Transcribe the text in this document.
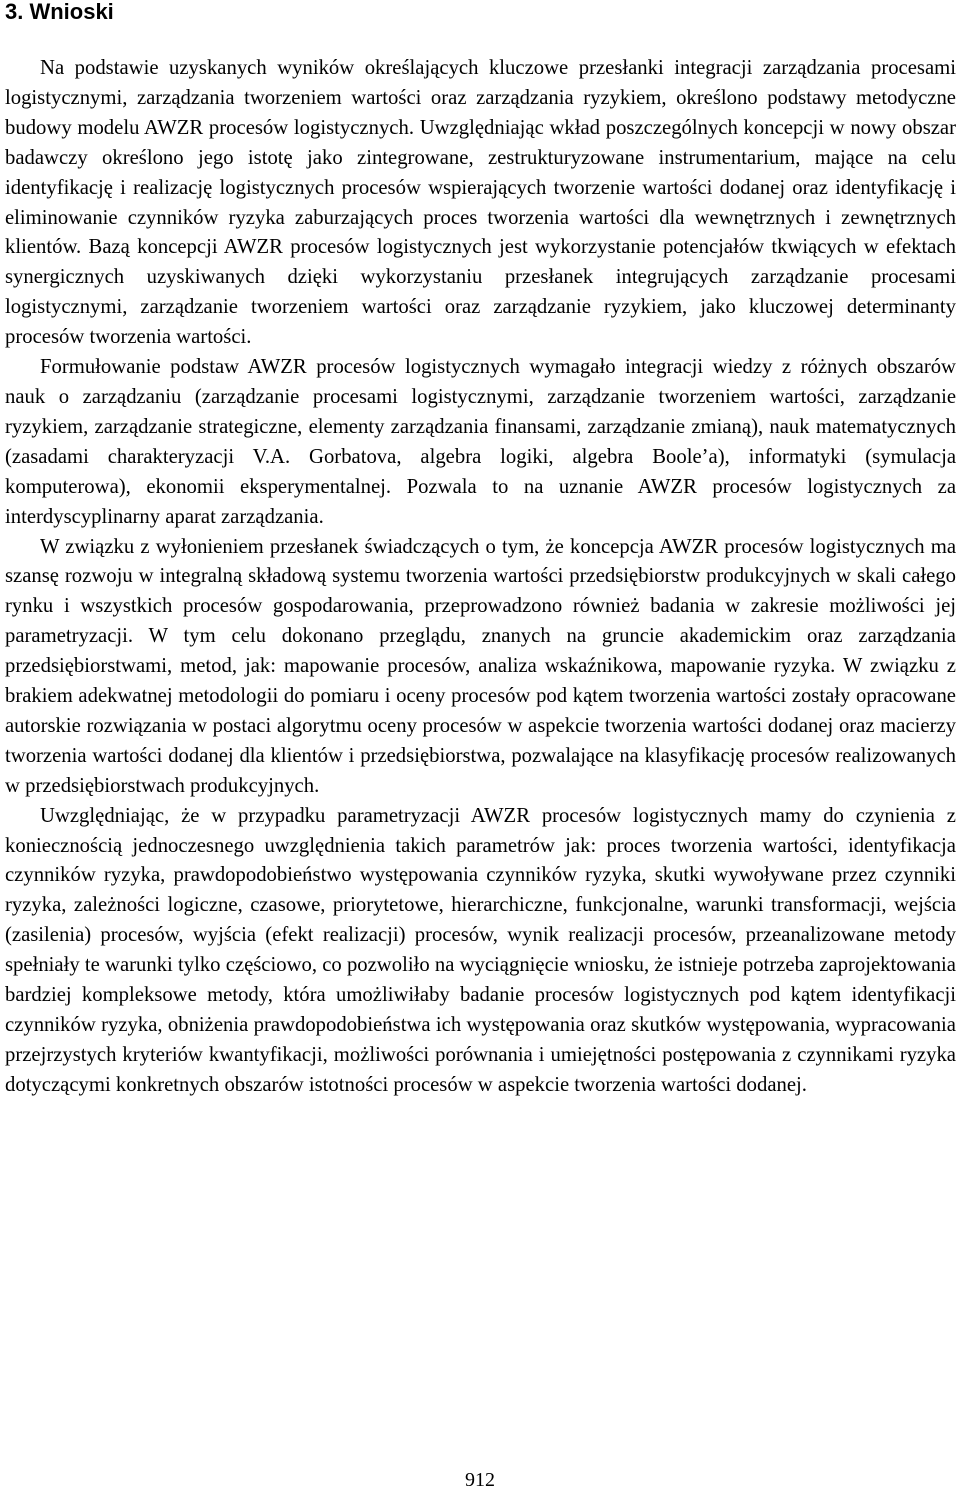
3. Wnioski

Na podstawie uzyskanych wyników określających kluczowe przesłanki integracji zarządzania procesami logistycznymi, zarządzania tworzeniem wartości oraz zarządzania ryzykiem, określono podstawy metodyczne budowy modelu AWZR procesów logistycznych. Uwzględniając wkład poszczególnych koncepcji w nowy obszar badawczy określono jego istotę jako zintegrowane, zestrukturyzowane instrumentarium, mające na celu identyfikację i realizację logistycznych procesów wspierających tworzenie wartości dodanej oraz identyfikację i eliminowanie czynników ryzyka zaburzających proces tworzenia wartości dla wewnętrznych i zewnętrznych klientów. Bazą koncepcji AWZR procesów logistycznych jest wykorzystanie potencjałów tkwiących w efektach synergicznych uzyskiwanych dzięki wykorzystaniu przesłanek integrujących zarządzanie procesami logistycznymi, zarządzanie tworzeniem wartości oraz zarządzanie ryzykiem, jako kluczowej determinanty procesów tworzenia wartości.

Formułowanie podstaw AWZR procesów logistycznych wymagało integracji wiedzy z różnych obszarów nauk o zarządzaniu (zarządzanie procesami logistycznymi, zarządzanie tworzeniem wartości, zarządzanie ryzykiem, zarządzanie strategiczne, elementy zarządzania finansami, zarządzanie zmianą), nauk matematycznych (zasadami charakteryzacji V.A. Gorbatova, algebra logiki, algebra Boole’a), informatyki (symulacja komputerowa), ekonomii eksperymentalnej. Pozwala to na uznanie AWZR procesów logistycznych za interdyscyplinarny aparat zarządzania.

W związku z wyłonieniem przesłanek świadczących o tym, że koncepcja AWZR procesów logistycznych ma szansę rozwoju w integralną składową systemu tworzenia wartości przedsiębiorstw produkcyjnych w skali całego rynku i wszystkich procesów gospodarowania, przeprowadzono również badania w zakresie możliwości jej parametryzacji. W tym celu dokonano przeglądu, znanych na gruncie akademickim oraz zarządzania przedsiębiorstwami, metod, jak: mapowanie procesów, analiza wskaźnikowa, mapowanie ryzyka. W związku z brakiem adekwatnej metodologii do pomiaru i oceny procesów pod kątem tworzenia wartości zostały opracowane autorskie rozwiązania w postaci algorytmu oceny procesów w aspekcie tworzenia wartości dodanej oraz macierzy tworzenia wartości dodanej dla klientów i przedsiębiorstwa, pozwalające na klasyfikację procesów realizowanych w przedsiębiorstwach produkcyjnych.

Uwzględniając, że w przypadku parametryzacji AWZR procesów logistycznych mamy do czynienia z koniecznością jednoczesnego uwzględnienia takich parametrów jak: proces tworzenia wartości, identyfikacja czynników ryzyka, prawdopodobieństwo występowania czynników ryzyka, skutki wywoływane przez czynniki ryzyka, zależności logiczne, czasowe, priorytetowe, hierarchiczne, funkcjonalne, warunki transformacji, wejścia (zasilenia) procesów, wyjścia (efekt realizacji) procesów, wynik realizacji procesów, przeanalizowane metody spełniały te warunki tylko częściowo, co pozwoliło na wyciągnięcie wniosku, że istnieje potrzeba zaprojektowania bardziej kompleksowe metody, która umożliwiłaby badanie procesów logistycznych pod kątem identyfikacji czynników ryzyka, obniżenia prawdopodobieństwa ich występowania oraz skutków występowania, wypracowania przejrzystych kryteriów kwantyfikacji, możliwości porównania i umiejętności postępowania z czynnikami ryzyka dotyczącymi konkretnych obszarów istotności procesów w aspekcie tworzenia wartości dodanej.

912
